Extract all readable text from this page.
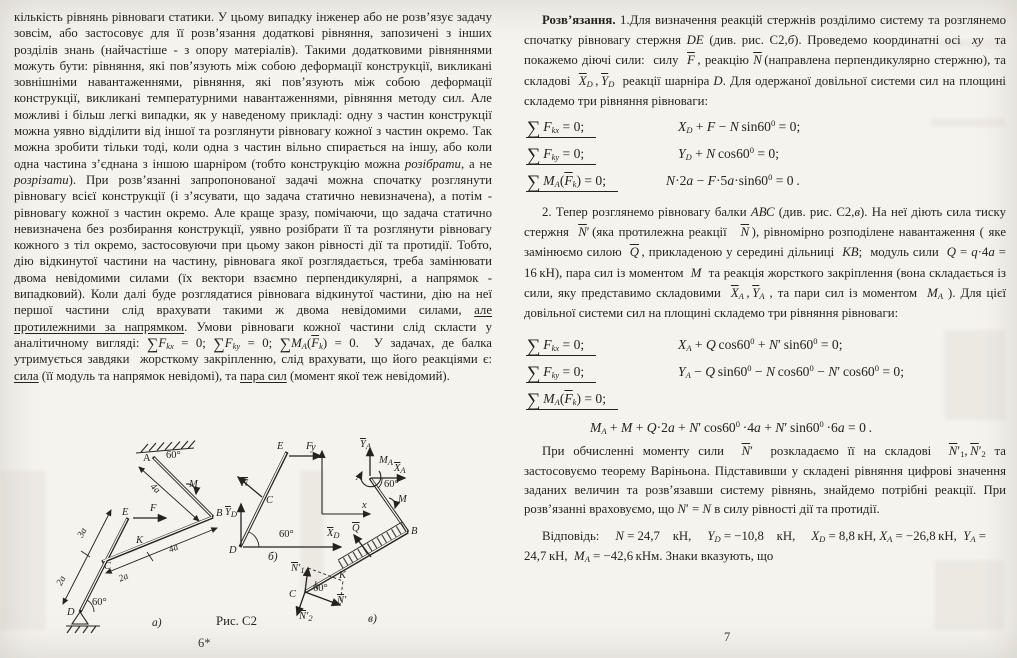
кількість рівнянь рівноваги статики. У цьому випадку інженер або не розв’язує задачу зовсім, або застосовує для її розв’язання додаткові рівняння, запозичені з інших розділів знань (найчастіше - з опору матеріалів). Такими додатковими рівняннями можуть бути: рівняння, які пов’язують між собою деформації конструкції, викликані зовнішніми навантаженнями, рівняння, які пов’язують між собою деформації конструкції, викликані температурними навантаженнями, рівняння методу сил. Але можливі і більш легкі випадки, як у наведеному прикладі: одну з частин конструкції можна уявно відділити від іншої та розглянути рівновагу кожної з частин окремо. Так можна зробити тільки тоді, коли одна з частин вільно спирається на іншу, або коли одна частина з’єднана з іншою шарніром (тобто конструкцію можна розібрати, а не розрізати). При розв’язанні запропонованої задачі можна спочатку розглянути рівновагу всієї конструкції (і з’ясувати, що задача статично невизначена), а потім - рівновагу кожної з частин окремо. Але краще зразу, помічаючи, що задача статично невизначена без розбирання конструкції, уявно розібрати її та розглянути рівновагу кожного з тіл окремо, застосовуючи при цьому закон рівності дії та протидії. Тобто, дію відкинутої частини на частину, рівновага якої розглядається, треба замінювати двома невідомими силами (їх вектори взаємно перпендикулярні, а напрямок - випадковий). Коли далі буде розглядатися рівновага відкинутої частини, дію на неї першої частини слід врахувати такими ж двома невідомими силами, але протилежними за напрямком. Умови рівноваги кожної частини слід скласти у аналітичному вигляді: $\sum F_{kx} = 0$; $\sum F_{ky} = 0$; $\sum M_A(\overline{F}_k) = 0$.  У задачах, де балка утримується завдяки  жорсткому закріпленню, слід врахувати, що його реакціями є: сила (її модуль та напрямок невідомі), та пара сил (момент якої теж невідомий).
A 60°
4a	M
B
E F
3a
C
K
2a	2a
4a
D
60°
а)
E F
$\overline{N}$
C
$\overline{Y}_D$
$\overline{X}_D$
60°
D
б)
у
х
$\overline{Y}_A$
$M_A$
$\overline{X}_A$
A
60°
M
$\overline{Q}$	B
K
$\overline{N}'_1$
60°
$\overline{N}'$
$\overline{N}'_2$
C
в)
Рис. С2
6*
Розв’язання. 1.Для визначення реакцій стержнів розділимо систему та розглянемо спочатку рівновагу стержня DE (див. рис. С2,б). Проведемо координатні осі  xy  та покажемо діючі сили:  силу  $\overline{F}$ , реакцію $\overline{N}$ (направлена перпендикулярно стержню), та складові  $\overline{X}_D$ , $\overline{Y}_D$  реакції шарніра D. Для одержаної довільної системи сил на площині складемо три рівняння рівноваги:
∑  $F_{kx} = 0$;	$X_D + F - N$ $\sin 60^0 = 0$;
∑  $F_{ky} = 0$;	$Y_D + N$ $\cos 60^0 = 0$;
∑  $M_A(\overline{F}_k) = 0$;	$N\cdot 2a - F\cdot 5a\cdot\sin 60^0 = 0$ .
2. Тепер розглянемо рівновагу балки АВС (див. рис. С2,в). На неї діють сила тиску стержня  $\overline{N}'$ (яка протилежна реакції   $\overline{N}$ ), рівномірно розподілене навантаження ( яке замінюємо силою  $\overline{Q}$ , прикладеною у середині дільниці  KB;  модуль сили  Q = q·4a = 16 кН), пара сил із моментом  M  та реакція жорсткого закріплення (вона складається із сили, яку представимо складовими  $\overline{X}_A$ , $\overline{Y}_A$ , та пари сил із моментом  $M_A$ ). Для цієї довільної системи сил на площині складемо три рівняння рівноваги:
∑  $F_{kx} = 0$;	$X_A + Q$ $\cos 60^0 + N'$ $\sin 60^0 = 0$;
∑  $F_{ky} = 0$;	$Y_A - Q$ $\sin 60^0 - N$ $\cos 60^0 - N'$ $\cos 60^0 = 0$;
∑  $M_A(\overline{F}_k) = 0$;
$M_A + M + Q\cdot 2a + N'$ $\cos 60^0 \cdot 4a + N'$ $\sin 60^0 \cdot 6a = 0$ .
При обчисленні моменту сили  $\overline{N}'$  розкладаємо її на складові  $\overline{N}'_1$, $\overline{N}'_2$ та застосовуємо теорему Варіньона. Підставивши у складені рівняння цифрові значення заданих величин та розв’язавши систему рівнянь, знайдемо потрібні реакції. При розв’язанні враховуємо, що N′ = N в силу рівності дії та протидії.
Відповідь:     N = 24,7    кН,     $Y_D = -10,8$    кН,     $X_D = 8,8$ кН, $X_A = -26,8$ кН,  $Y_A = 24,7$ кН,  $M_A = -42,6$ кНм. Знаки вказують, що
7
